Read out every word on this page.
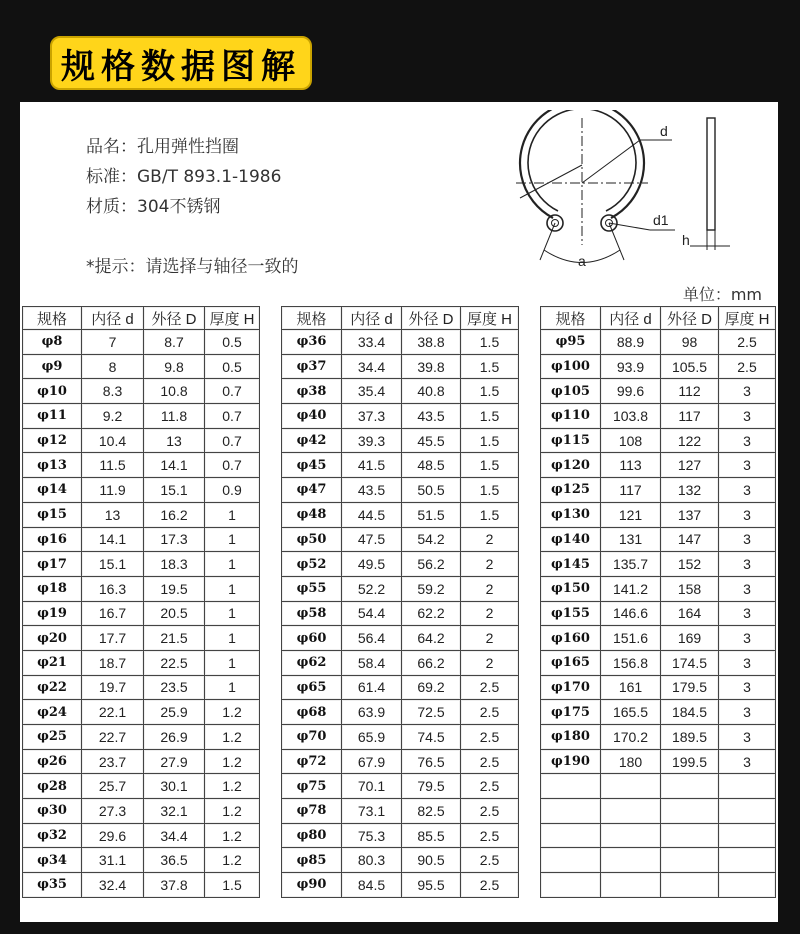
规格数据图解
品名：孔用弹性挡圈
标准：GB/T 893.1-1986
材质：304不锈钢
*提示：请选择与轴径一致的
单位：mm
d
d1
h
a
规格	内径 d	外径 D	厚度 H
φ8	7	8.7	0.5
φ9	8	9.8	0.5
φ10	8.3	10.8	0.7
φ11	9.2	11.8	0.7
φ12	10.4	13	0.7
φ13	11.5	14.1	0.7
φ14	11.9	15.1	0.9
φ15	13	16.2	1
φ16	14.1	17.3	1
φ17	15.1	18.3	1
φ18	16.3	19.5	1
φ19	16.7	20.5	1
φ20	17.7	21.5	1
φ21	18.7	22.5	1
φ22	19.7	23.5	1
φ24	22.1	25.9	1.2
φ25	22.7	26.9	1.2
φ26	23.7	27.9	1.2
φ28	25.7	30.1	1.2
φ30	27.3	32.1	1.2
φ32	29.6	34.4	1.2
φ34	31.1	36.5	1.2
φ35	32.4	37.8	1.5
规格	内径 d	外径 D	厚度 H
φ36	33.4	38.8	1.5
φ37	34.4	39.8	1.5
φ38	35.4	40.8	1.5
φ40	37.3	43.5	1.5
φ42	39.3	45.5	1.5
φ45	41.5	48.5	1.5
φ47	43.5	50.5	1.5
φ48	44.5	51.5	1.5
φ50	47.5	54.2	2
φ52	49.5	56.2	2
φ55	52.2	59.2	2
φ58	54.4	62.2	2
φ60	56.4	64.2	2
φ62	58.4	66.2	2
φ65	61.4	69.2	2.5
φ68	63.9	72.5	2.5
φ70	65.9	74.5	2.5
φ72	67.9	76.5	2.5
φ75	70.1	79.5	2.5
φ78	73.1	82.5	2.5
φ80	75.3	85.5	2.5
φ85	80.3	90.5	2.5
φ90	84.5	95.5	2.5
规格	内径 d	外径 D	厚度 H
φ95	88.9	98	2.5
φ100	93.9	105.5	2.5
φ105	99.6	112	3
φ110	103.8	117	3
φ115	108	122	3
φ120	113	127	3
φ125	117	132	3
φ130	121	137	3
φ140	131	147	3
φ145	135.7	152	3
φ150	141.2	158	3
φ155	146.6	164	3
φ160	151.6	169	3
φ165	156.8	174.5	3
φ170	161	179.5	3
φ175	165.5	184.5	3
φ180	170.2	189.5	3
φ190	180	199.5	3
